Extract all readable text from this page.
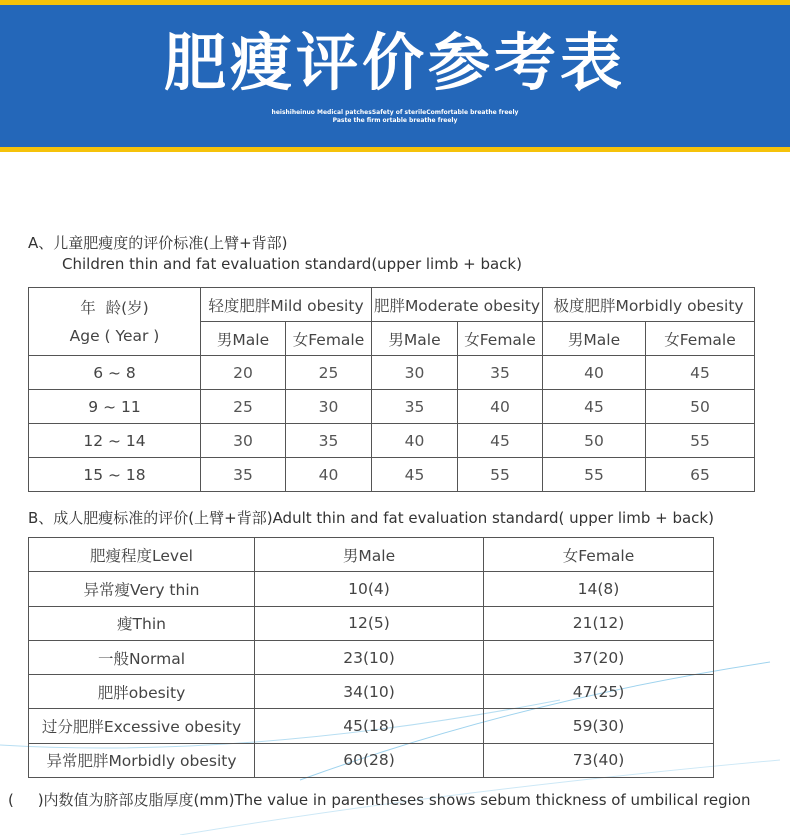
肥瘦评价参考表
heishiheinuo Medical patchesSafety of sterileComfortable breathe freely
Paste the firm ortable breathe freely
A、儿童肥瘦度的评价标准(上臂+背部)
Children thin and fat evaluation standard(upper limb + back)
年  龄(岁)
Age ( Year )	轻度肥胖Mild obesity		肥胖Moderate obesity		极度肥胖Morbidly obesity	
	男Male	女Female	男Male	女Female	男Male	女Female
6 ~ 8	20	25	30	35	40	45
9 ~ 11	25	30	35	40	45	50
12 ~ 14	30	35	40	45	50	55
15 ~ 18	35	40	45	55	55	65
B、成人肥瘦标准的评价(上臂+背部)Adult thin and fat evaluation standard( upper limb + back)
肥瘦程度Level	男Male	女Female
异常瘦Very thin	10(4)	14(8)
瘦Thin	12(5)	21(12)
一般Normal	23(10)	37(20)
肥胖obesity	34(10)	47(25)
过分肥胖Excessive obesity	45(18)	59(30)
异常肥胖Morbidly obesity	60(28)	73(40)
(     )内数值为脐部皮脂厚度(mm)The value in parentheses shows sebum thickness of umbilical region
